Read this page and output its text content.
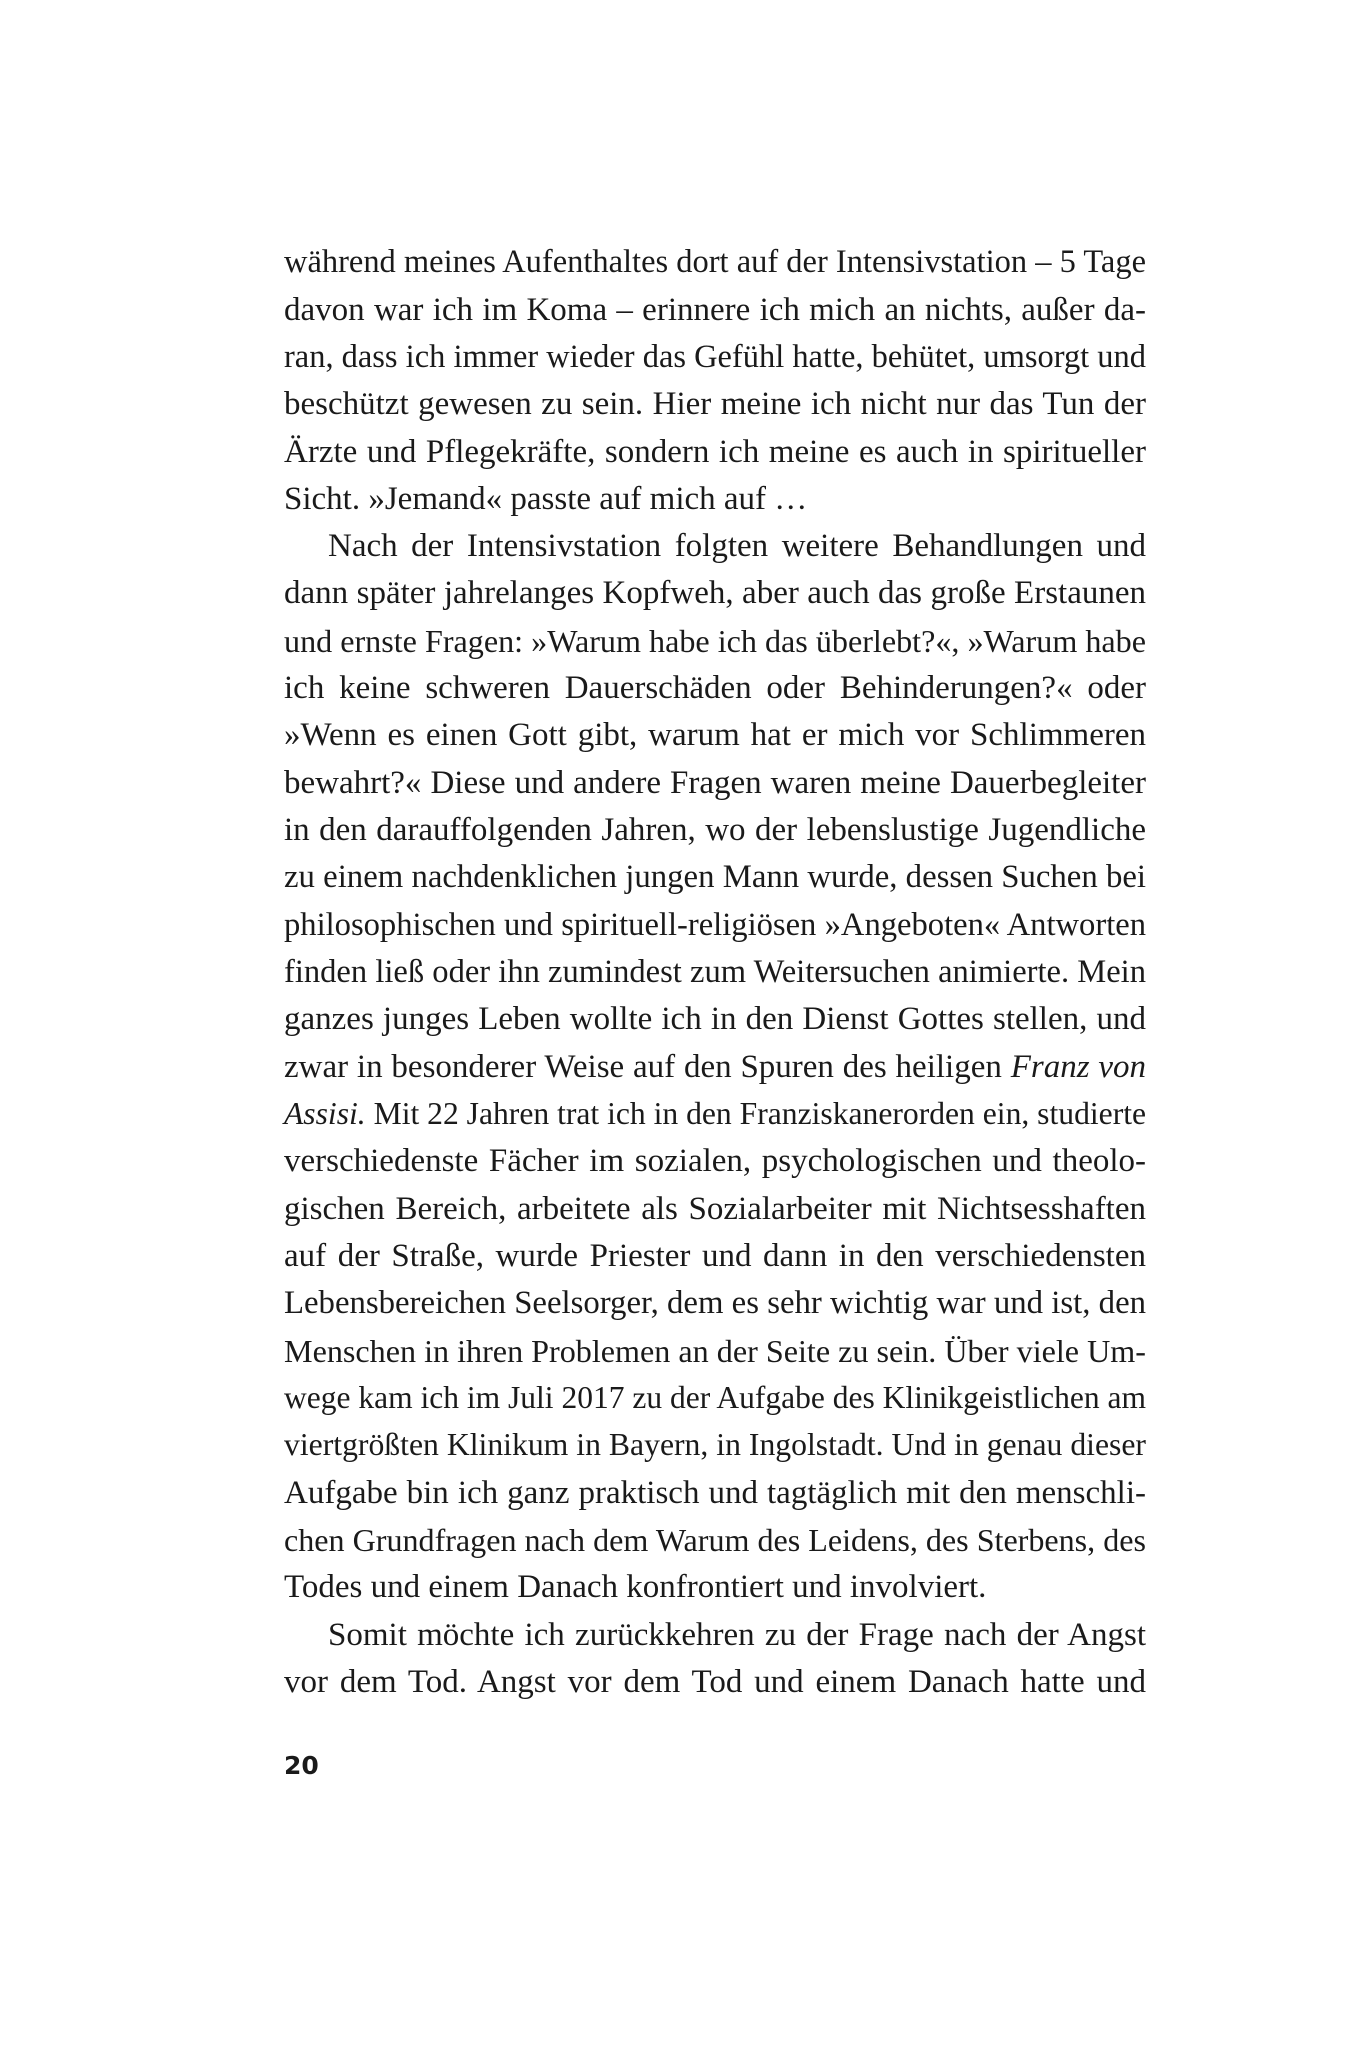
während meines Aufenthaltes dort auf der Intensivstation – 5 Tage
davon war ich im Koma – erinnere ich mich an nichts, außer da-
ran, dass ich immer wieder das Gefühl hatte, behütet, umsorgt und
beschützt gewesen zu sein. Hier meine ich nicht nur das Tun der
Ärzte und Pflegekräfte, sondern ich meine es auch in spiritueller
Sicht. »Jemand« passte auf mich auf …
Nach der Intensivstation folgten weitere Behandlungen und
dann später jahrelanges Kopfweh, aber auch das große Erstaunen
und ernste Fragen: »Warum habe ich das überlebt?«, »Warum habe
ich keine schweren Dauerschäden oder Behinderungen?« oder
»Wenn es einen Gott gibt, warum hat er mich vor Schlimmeren
bewahrt?« Diese und andere Fragen waren meine Dauerbegleiter
in den darauffolgenden Jahren, wo der lebenslustige Jugendliche
zu einem nachdenklichen jungen Mann wurde, dessen Suchen bei
philosophischen und spirituell-religiösen »Angeboten« Antworten
finden ließ oder ihn zumindest zum Weitersuchen animierte. Mein
ganzes junges Leben wollte ich in den Dienst Gottes stellen, und
zwar in besonderer Weise auf den Spuren des heiligen Franz von
Assisi. Mit 22 Jahren trat ich in den Franziskanerorden ein, studierte
verschiedenste Fächer im sozialen, psychologischen und theolo-
gischen Bereich, arbeitete als Sozialarbeiter mit Nichtsesshaften
auf der Straße, wurde Priester und dann in den verschiedensten
Lebensbereichen Seelsorger, dem es sehr wichtig war und ist, den
Menschen in ihren Problemen an der Seite zu sein. Über viele Um-
wege kam ich im Juli 2017 zu der Aufgabe des Klinikgeistlichen am
viertgrößten Klinikum in Bayern, in Ingolstadt. Und in genau dieser
Aufgabe bin ich ganz praktisch und tagtäglich mit den menschli-
chen Grundfragen nach dem Warum des Leidens, des Sterbens, des
Todes und einem Danach konfrontiert und involviert.
Somit möchte ich zurückkehren zu der Frage nach der Angst
vor dem Tod. Angst vor dem Tod und einem Danach hatte und
20
